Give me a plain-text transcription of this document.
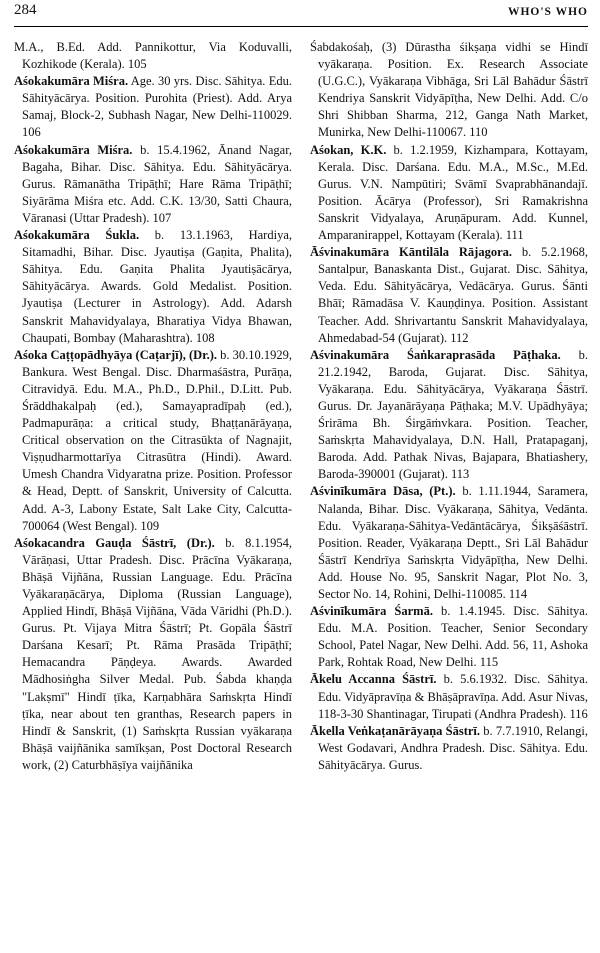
284	WHO'S WHO

M.A., B.Ed. Add. Pannikottur, Via Koduvalli, Kozhikode (Kerala). 105

Aśokakumāra Miśra. Age. 30 yrs. Disc. Sāhitya. Edu. Sāhityācārya. Position. Purohita (Priest). Add. Arya Samaj, Block-2, Subhash Nagar, New Delhi-110029. 106

Aśokakumāra Miśra. b. 15.4.1962, Ānand Nagar, Bagaha, Bihar. Disc. Sāhitya. Edu. Sāhityācārya. Gurus. Rāmanātha Tripāṭhī; Hare Rāma Tripāṭhī; Siyārāma Miśra etc. Add. C.K. 13/30, Satti Chaura, Vāranasi (Uttar Pradesh). 107

Aśokakumāra Śukla. b. 13.1.1963, Hardiya, Sitamadhi, Bihar. Disc. Jyautiṣa (Gaṇita, Phalita), Sāhitya. Edu. Gaṇita Phalita Jyautiṣācārya, Sāhityācārya. Awards. Gold Medalist. Position. Jyautiṣa (Lecturer in Astrology). Add. Adarsh Sanskrit Mahavidyalaya, Bharatiya Vidya Bhawan, Chaupati, Bombay (Maharashtra). 108

Aśoka Caṭṭopādhyāya (Caṭarjī), (Dr.). b. 30.10.1929, Bankura. West Bengal. Disc. Dharmaśāstra, Purāṇa, Citravidyā. Edu. M.A., Ph.D., D.Phil., D.Litt. Pub. Śrāddhakalpaḥ (ed.), Samayapradīpaḥ (ed.), Padmapurāṇa: a critical study, Bhaṭṭanārāyaṇa, Critical observation on the Citrasūkta of Nagnajit, Viṣṇudharmottarīya Citrasūtra (Hindi). Award. Umesh Chandra Vidyaratna prize. Position. Professor & Head, Deptt. of Sanskrit, University of Calcutta. Add. A-3, Labony Estate, Salt Lake City, Calcutta-700064 (West Bengal). 109

Aśokacandra Gauḍa Śāstrī, (Dr.). b. 8.1.1954, Vārāṇasi, Uttar Pradesh. Disc. Prācīna Vyākaraṇa, Bhāṣā Vijñāna, Russian Language. Edu. Prācīna Vyākaraṇācārya, Diploma (Russian Language), Applied Hindī, Bhāṣā Vijñāna, Vāda Vāridhi (Ph.D.). Gurus. Pt. Vijaya Mitra Śāstrī; Pt. Gopāla Śāstrī Darśana Kesarī; Pt. Rāma Prasāda Tripāṭhī; Hemacandra Pāṇḍeya. Awards. Awarded Mādhosiṅgha Silver Medal. Pub. Śabda khaṇḍa "Lakṣmī" Hindī ṭīka, Karṇabhāra Saṁskṛta Hindī ṭīka, near about ten granthas, Research papers in Hindī & Sanskrit, (1) Saṁskṛta Russian vyākaraṇa Bhāṣā vaijñānika samīkṣan, Post Doctoral Research work, (2) Caturbhāṣīya vaijñānika

Śabdakośaḥ, (3) Dūrastha śikṣaṇa vidhi se Hindī vyākaraṇa. Position. Ex. Research Associate (U.G.C.), Vyākaraṇa Vibhāga, Sri Lāl Bahādur Śāstrī Kendriya Sanskrit Vidyāpīṭha, New Delhi. Add. C/o Shri Shibban Sharma, 212, Ganga Nath Market, Munirka, New Delhi-110067. 110

Aśokan, K.K. b. 1.2.1959, Kizhampara, Kottayam, Kerala. Disc. Darśana. Edu. M.A., M.Sc., M.Ed. Gurus. V.N. Nampūtiri; Svāmī Svaprabhānandajī. Position. Ācārya (Professor), Sri Ramakrishna Sanskrit Vidyalaya, Aruṇāpuram. Add. Kunnel, Amparanirappel, Kottayam (Kerala). 111

Āśvinakumāra Kāntilāla Rājagora. b. 5.2.1968, Santalpur, Banaskanta Dist., Gujarat. Disc. Sāhitya, Veda. Edu. Sāhityācārya, Vedācārya. Gurus. Śānti Bhāī; Rāmadāsa V. Kauṇḍinya. Position. Assistant Teacher. Add. Shrivartantu Sanskrit Mahavidyalaya, Ahmedabad-54 (Gujarat). 112

Aśvinakumāra Śaṅkaraprasāda Pāṭhaka. b. 21.2.1942, Baroda, Gujarat. Disc. Sāhitya, Vyākaraṇa. Edu. Sāhityācārya, Vyākaraṇa Śāstrī. Gurus. Dr. Jayanārāyaṇa Pāṭhaka; M.V. Upādhyāya; Śrirāma Bh. Śirgāṁvkara. Position. Teacher, Saṁskṛta Mahavidyalaya, D.N. Hall, Pratapaganj, Baroda. Add. Pathak Nivas, Bajapara, Bhatiashery, Baroda-390001 (Gujarat). 113

Aśvinīkumāra Dāsa, (Pt.). b. 1.11.1944, Saramera, Nalanda, Bihar. Disc. Vyākaraṇa, Sāhitya, Vedānta. Edu. Vyākaraṇa-Sāhitya-Vedāntācārya, Śikṣāśāstrī. Position. Reader, Vyākaraṇa Deptt., Sri Lāl Bahādur Śāstrī Kendrīya Saṁskṛta Vidyāpīṭha, New Delhi. Add. House No. 95, Sanskrit Nagar, Plot No. 3, Sector No. 14, Rohini, Delhi-110085. 114

Aśvinīkumāra Śarmā. b. 1.4.1945. Disc. Sāhitya. Edu. M.A. Position. Teacher, Senior Secondary School, Patel Nagar, New Delhi. Add. 56, 11, Ashoka Park, Rohtak Road, New Delhi. 115

Ākelu Accanna Śāstrī. b. 5.6.1932. Disc. Sāhitya. Edu. Vidyāpravīṇa & Bhāṣāpravīṇa. Add. Asur Nivas, 118-3-30 Shantinagar, Tirupati (Andhra Pradesh). 116

Ākella Veṅkaṭanārāyaṇa Śāstrī. b. 7.7.1910, Relangi, West Godavari, Andhra Pradesh. Disc. Sāhitya. Edu. Sāhityācārya. Gurus.
